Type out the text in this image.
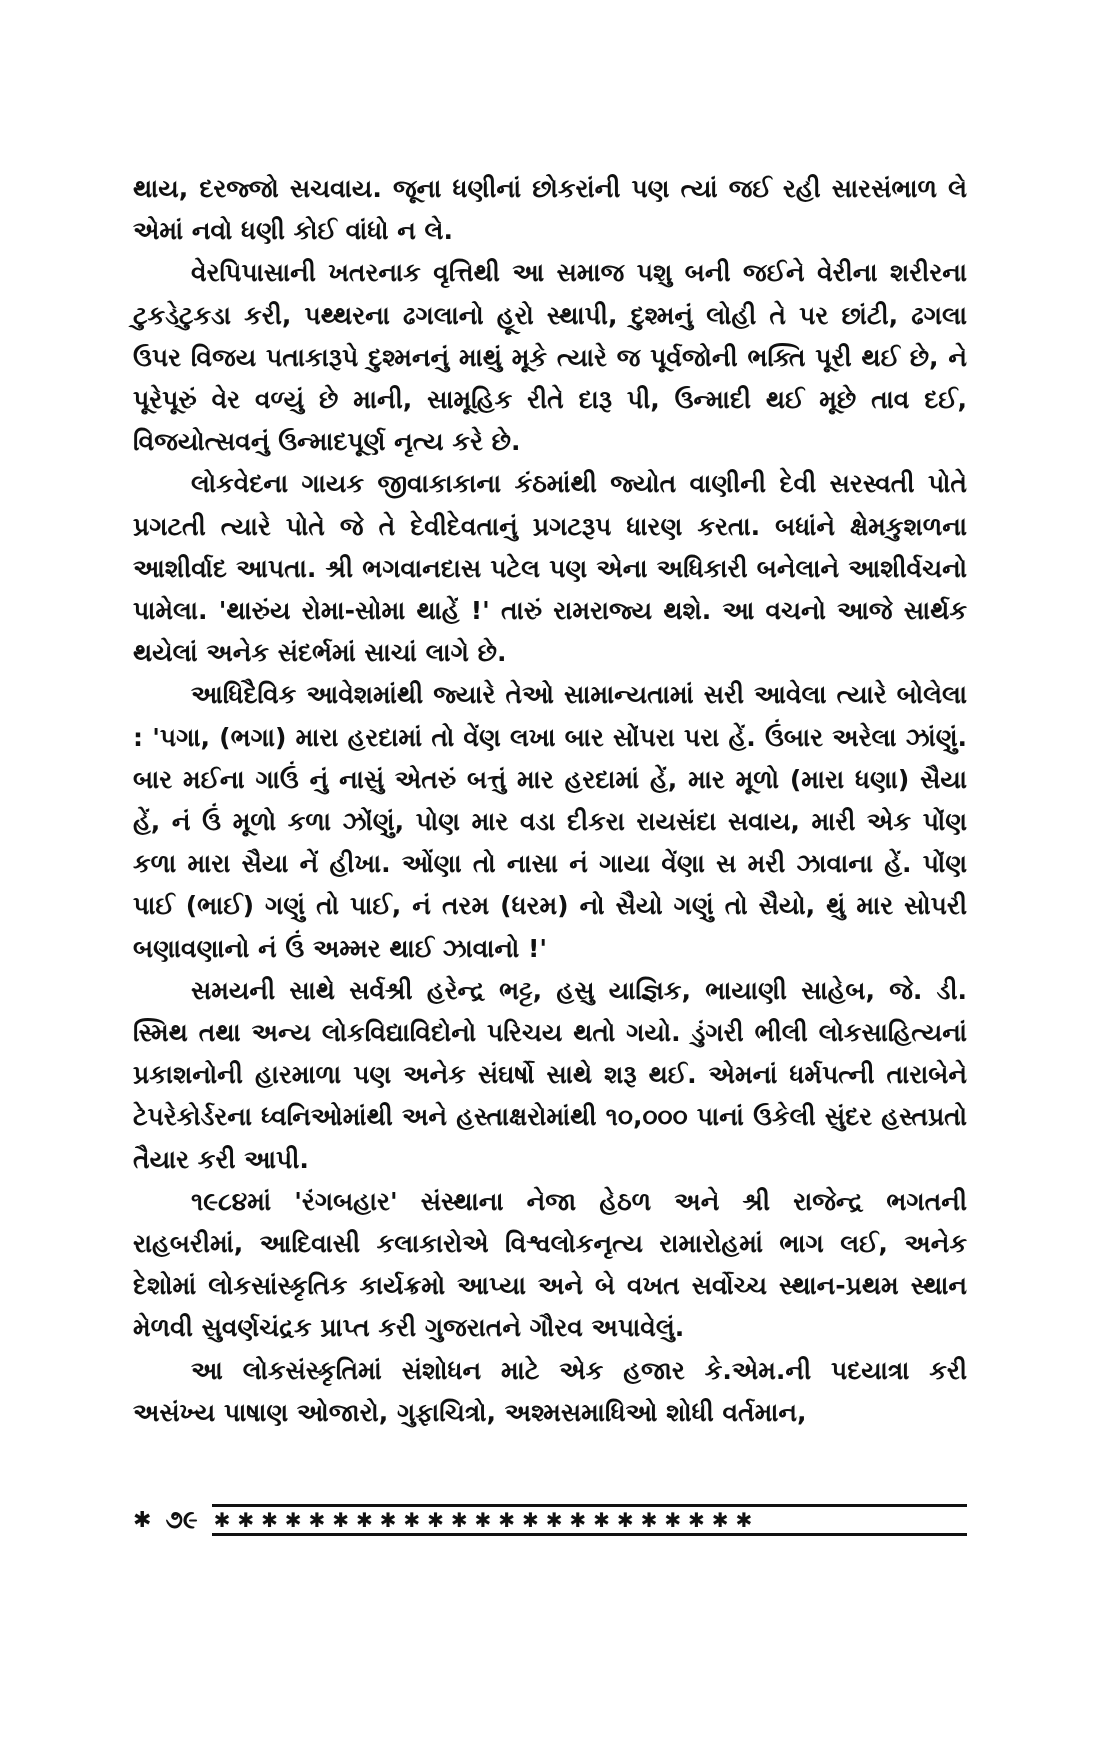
થાય, દરજ્જો સચવાય. જૂના ધણીનાં છોકરાંની પણ ત્યાં જઈ રહી સારસંભાળ લે એમાં નવો ધણી કોઈ વાંધો ન લે.

વેરપિપાસાની ખતરનાક વૃત્તિથી આ સમાજ પશુ બની જઈને વેરીના શરીરના ટુકડેટુકડા કરી, પથ્થરના ઢગલાનો હૂરો સ્થાપી, દુશ્મનું લોહી તે પર છાંટી, ઢગલા ઉપર વિજય પતાકારૂપે દુશ્મનનું માથું મૂકે ત્યારે જ પૂર્વજોની ભક્તિ પૂરી થઈ છે, ને પૂરેપૂરું વેર વળ્યું છે માની, સામૂહિક રીતે દારૂ પી, ઉન્માદી થઈ મૂછે તાવ દઈ, વિજયોત્સવનું ઉન્માદપૂર્ણ નૃત્ય કરે છે.

લોકવેદના ગાયક જીવાકાકાના કંઠમાંથી જ્યોત વાણીની દેવી સરસ્વતી પોતે પ્રગટતી ત્યારે પોતે જે તે દેવીદેવતાનું પ્રગટરૂપ ધારણ કરતા. બધાંને ક્ષેમકુશળના આશીર્વાદ આપતા. શ્રી ભગવાનદાસ પટેલ પણ એના અધિકારી બનેલાને આશીર્વચનો પામેલા. 'થારુંય રોમા-સોમા થાહેં !' તારું રામરાજ્ય થશે. આ વચનો આજે સાર્થક થયેલાં અનેક સંદર્ભમાં સાચાં લાગે છે.

આધિદૈવિક આવેશમાંથી જ્યારે તેઓ સામાન્યતામાં સરી આવેલા ત્યારે બોલેલા : 'પગા, (ભગા) મારા હરદામાં તો વેંણ લખા બાર સોંપરા પરા હેં. ઉંબાર અરેલા ઝાંણું. બાર મઈના ગાઉં નું નાસું એતરું બત્તું માર હરદામાં હેં, માર મૂળો (મારા ધણા) સૈયા હેં, નં ઉં મૂળો કળા ઝોંણું, પોણ માર વડા દીકરા રાયસંદા સવાય, મારી એક પોંણ કળા મારા સૈયા નેં હીખા. ઓંણા તો નાસા નં ગાયા વેંણા સ મરી ઝાવાના હેં. પોંણ પાઈ (ભાઈ) ગણું તો પાઈ, નં તરમ (ધરમ) નો સૈયો ગણું તો સૈયો, થું માર સોપરી બણાવણાનો નં ઉં અમ્મર થાઈ ઝાવાનો !'

સમયની સાથે સર્વશ્રી હરેન્દ્ર ભટ્ટ, હસુ યાજ્ઞિક, ભાયાણી સાહેબ, જે. ડી. સ્મિથ તથા અન્ય લોકવિદ્યાવિદોનો પરિચય થતો ગયો. ડુંગરી ભીલી લોકસાહિત્યનાં પ્રકાશનોની હારમાળા પણ અનેક સંઘર્ષો સાથે શરૂ થઈ. એમનાં ધર્મપત્ની તારાબેને ટેપરેકોર્ડરના ધ્વનિઓમાંથી અને હસ્તાક્ષરોમાંથી ૧૦,૦૦૦ પાનાં ઉકેલી સુંદર હસ્તપ્રતો તૈયાર કરી આપી.

૧૯૮૪માં 'રંગબહાર' સંસ્થાના નેજા હેઠળ અને શ્રી રાજેન્દ્ર ભગતની રાહબરીમાં, આદિવાસી કલાકારોએ વિશ્વલોકનૃત્ય રામારોહમાં ભાગ લઈ, અનેક દેશોમાં લોકસાંસ્કૃતિક કાર્યક્રમો આપ્યા અને બે વખત સર્વોચ્ચ સ્થાન-પ્રથમ સ્થાન મેળવી સુવર્ણચંદ્રક પ્રાપ્ત કરી ગુજરાતને ગૌરવ અપાવેલું.

આ લોકસંસ્કૃતિમાં સંશોધન માટે એક હજાર કે.એમ.ની પદયાત્રા કરી અસંખ્ય પાષાણ ઓજારો, ગુફાચિત્રો, અશ્મસમાધિઓ શોધી વર્તમાન,

✱ ૭૯ ✱ ✱ ✱ ✱ ✱ ✱ ✱ ✱ ✱ ✱ ✱ ✱ ✱ ✱ ✱ ✱ ✱ ✱ ✱ ✱ ✱ ✱ ✱
